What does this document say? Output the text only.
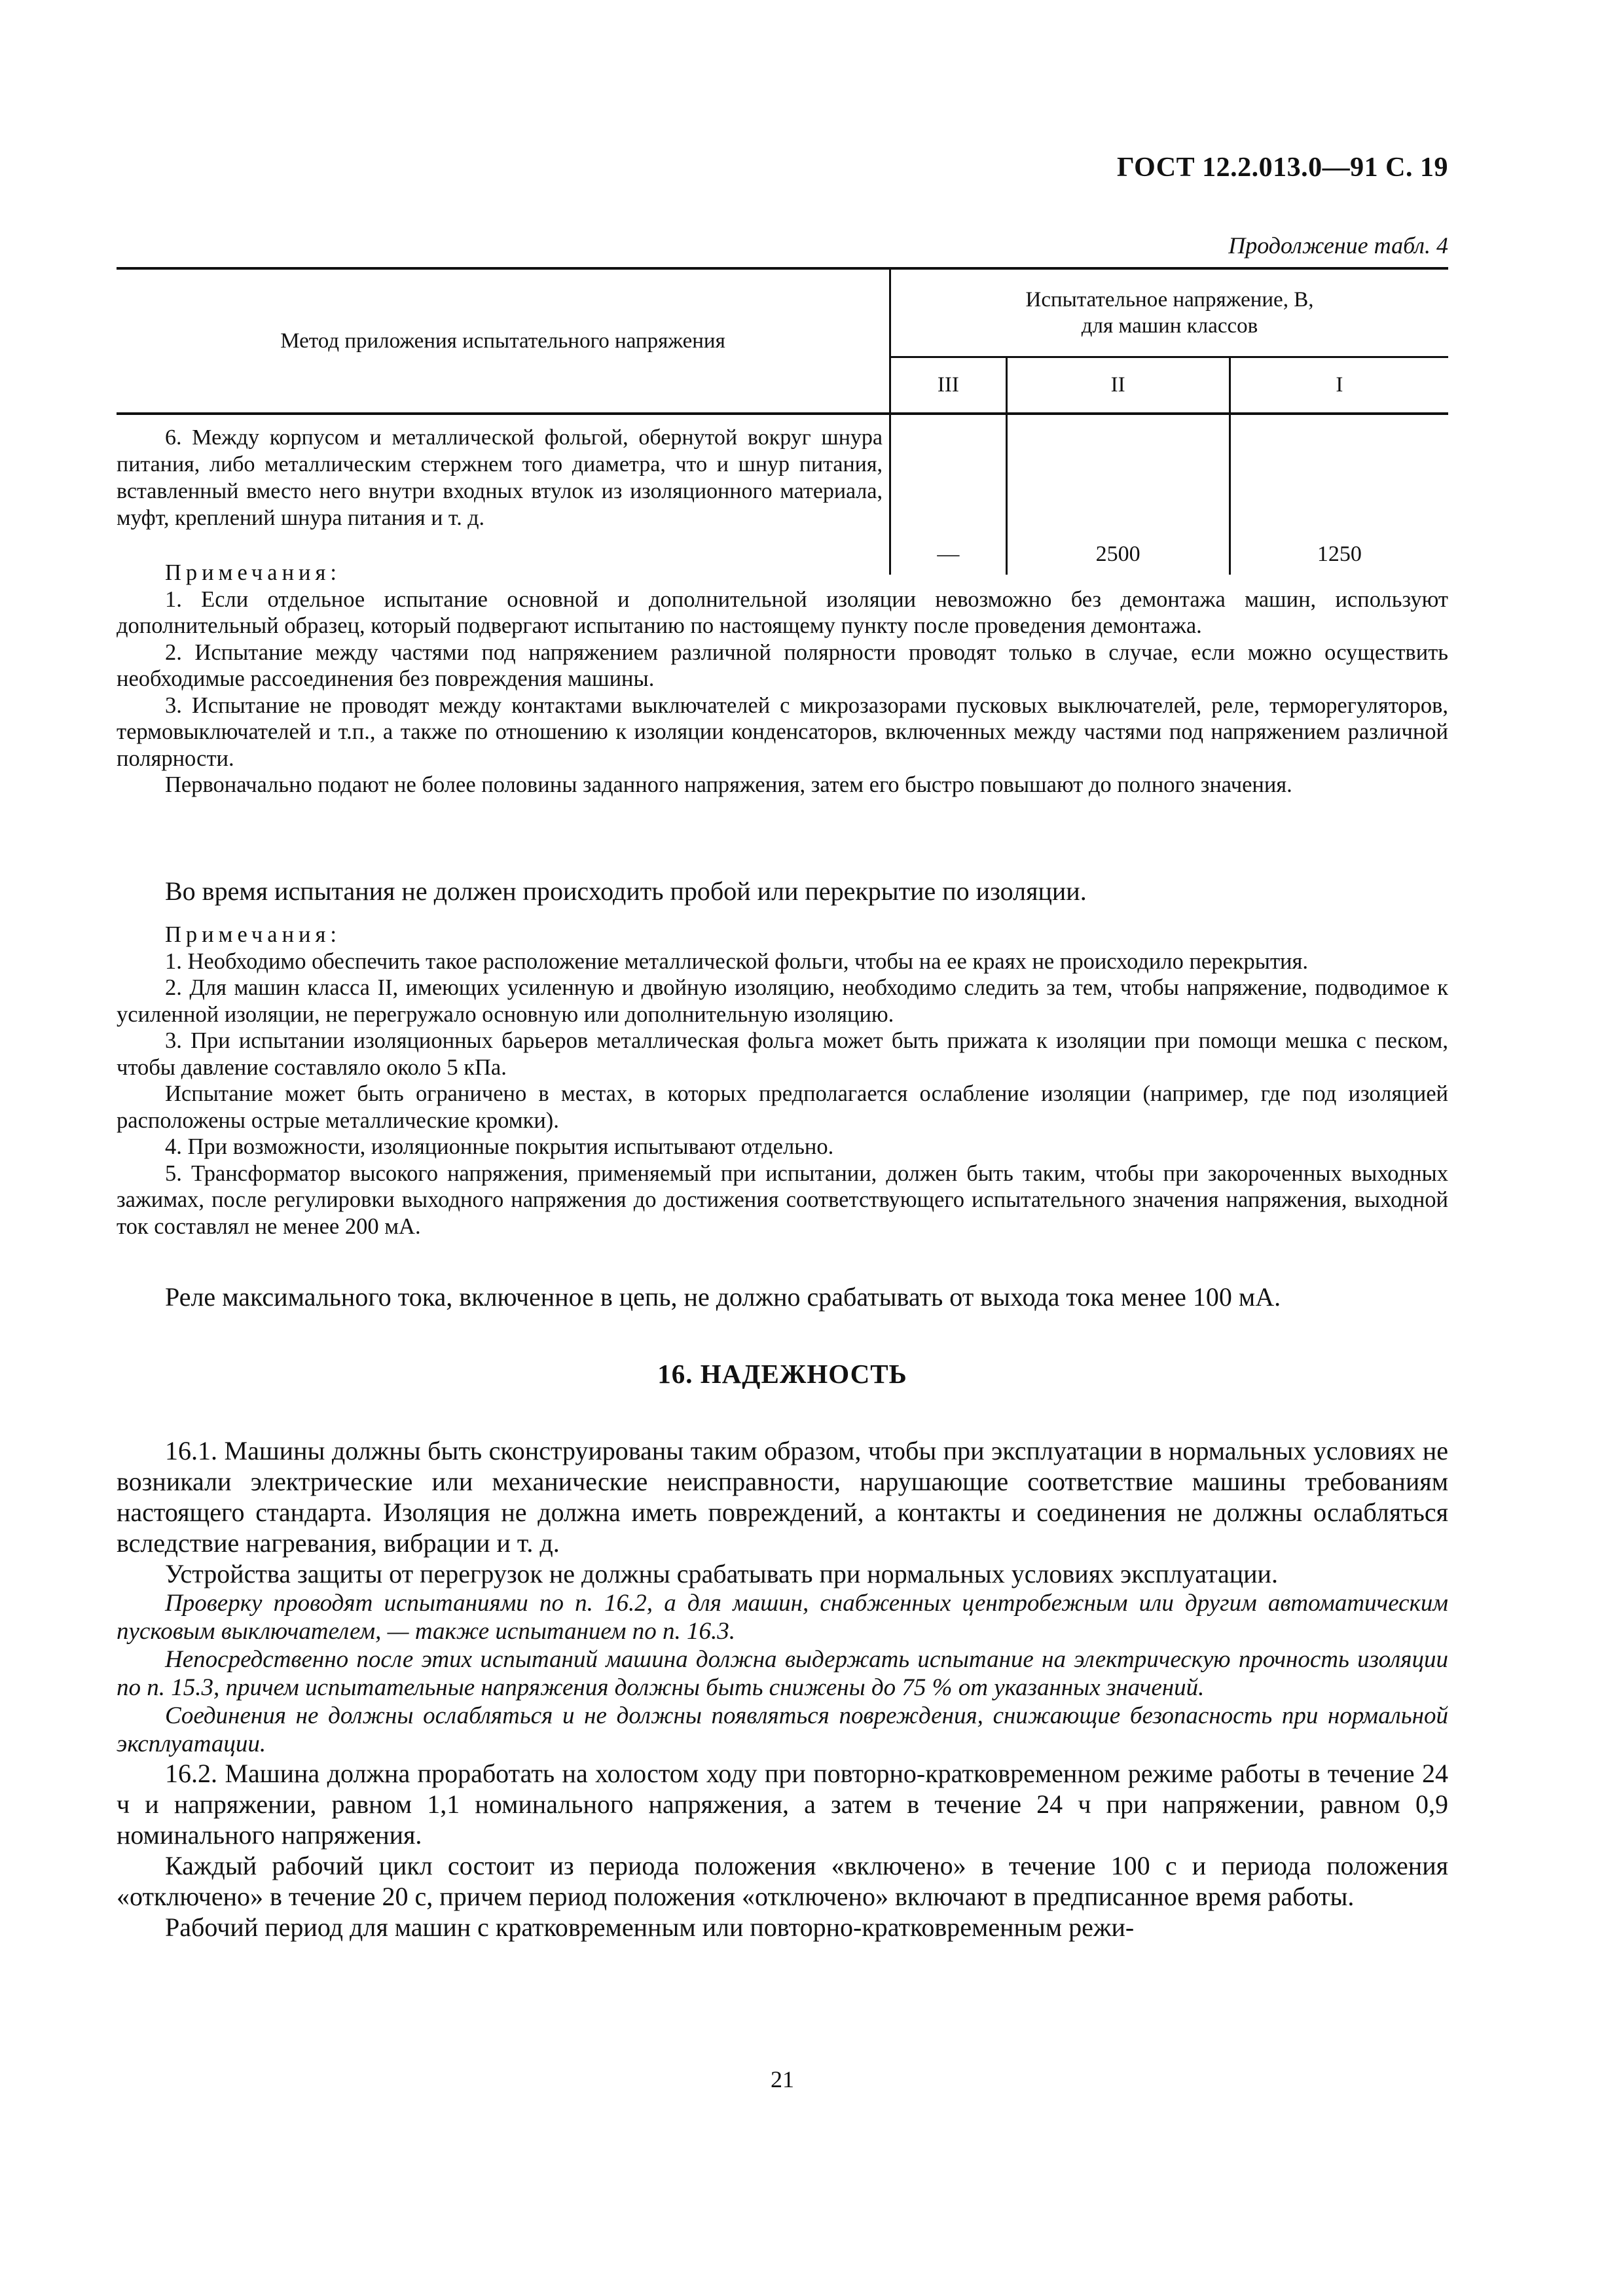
ГОСТ 12.2.013.0—91 С. 19
Продолжение табл. 4
Метод приложения испытательного напряжения	Испытательное напряжение, В,
для машин классов		
	III	II	I
6. Между корпусом и металлической фольгой, обернутой вокруг шнура питания, либо металлическим стержнем того диаметра, что и шнур питания, вставленный вместо него внутри входных втулок из изоляционного материала, муфт, креплений шнура питания и т. д.	—	2500	1250

Примечания:

1. Если отдельное испытание основной и дополнительной изоляции невозможно без демонтажа машин, используют дополнительный образец, который подвергают испытанию по настоящему пункту после проведения демонтажа.

2. Испытание между частями под напряжением различной полярности проводят только в случае, если можно осуществить необходимые рассоединения без повреждения машины.

3. Испытание не проводят между контактами выключателей с микрозазорами пусковых выключателей, реле, терморегуляторов, термовыключателей и т.п., а также по отношению к изоляции конденсаторов, включенных между частями под напряжением различной полярности.

Первоначально подают не более половины заданного напряжения, затем его быстро повышают до полного значения.

Во время испытания не должен происходить пробой или перекрытие по изоляции.

Примечания:

1. Необходимо обеспечить такое расположение металлической фольги, чтобы на ее краях не происходило перекрытия.

2. Для машин класса II, имеющих усиленную и двойную изоляцию, необходимо следить за тем, чтобы напряжение, подводимое к усиленной изоляции, не перегружало основную или дополнительную изоляцию.

3. При испытании изоляционных барьеров металлическая фольга может быть прижата к изоляции при помощи мешка с песком, чтобы давление составляло около 5 кПа.

Испытание может быть ограничено в местах, в которых предполагается ослабление изоляции (например, где под изоляцией расположены острые металлические кромки).

4. При возможности, изоляционные покрытия испытывают отдельно.

5. Трансформатор высокого напряжения, применяемый при испытании, должен быть таким, чтобы при закороченных выходных зажимах, после регулировки выходного напряжения до достижения соответствующего испытательного значения напряжения, выходной ток составлял не менее 200 мА.

Реле максимального тока, включенное в цепь, не должно срабатывать от выхода тока менее 100 мА.

16. НАДЕЖНОСТЬ

16.1. Машины должны быть сконструированы таким образом, чтобы при эксплуатации в нормальных условиях не возникали электрические или механические неисправности, нарушающие соответствие машины требованиям настоящего стандарта. Изоляция не должна иметь повреждений, а контакты и соединения не должны ослабляться вследствие нагревания, вибрации и т. д.

Устройства защиты от перегрузок не должны срабатывать при нормальных условиях эксплуатации.

Проверку проводят испытаниями по п. 16.2, а для машин, снабженных центробежным или другим автоматическим пусковым выключателем, — также испытанием по п. 16.3.

Непосредственно после этих испытаний машина должна выдержать испытание на электрическую прочность изоляции по п. 15.3, причем испытательные напряжения должны быть снижены до 75 % от указанных значений.

Соединения не должны ослабляться и не должны появляться повреждения, снижающие безопасность при нормальной эксплуатации.

16.2. Машина должна проработать на холостом ходу при повторно-кратковременном режиме работы в течение 24 ч и напряжении, равном 1,1 номинального напряжения, а затем в течение 24 ч при напряжении, равном 0,9 номинального напряжения.

Каждый рабочий цикл состоит из периода положения «включено» в течение 100 с и периода положения «отключено» в течение 20 с, причем период положения «отключено» включают в предписанное время работы.

Рабочий период для машин с кратковременным или повторно-кратковременным режи-

21
